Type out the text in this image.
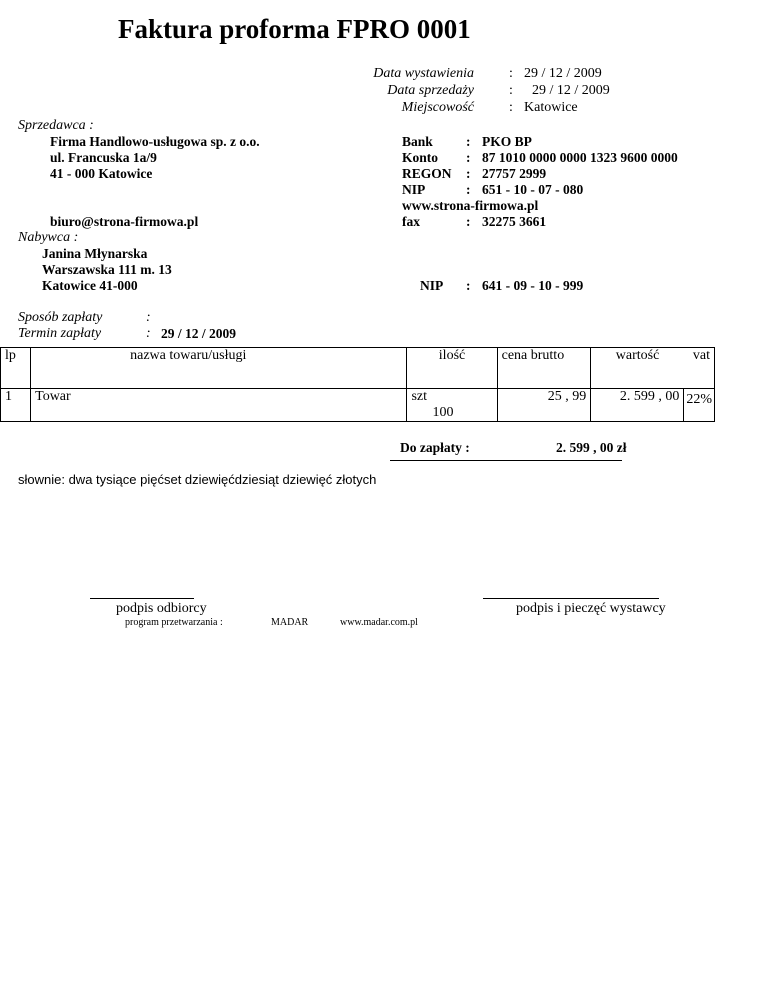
Faktura proforma FPRO 0001
Data wystawienia	: 29 / 12 / 2009
Data sprzedaży	: 29 / 12 / 2009
Miejscowość	: Katowice
Sprzedawca :
Firma Handlowo-usługowa sp. z o.o.
ul. Francuska 1a/9
41 - 000 Katowice
biuro@strona-firmowa.pl
Bank : PKO BP
Konto : 87 1010 0000 0000 1323 9600 0000
REGON : 27757 2999
NIP	: 651 - 10 - 07 - 080
www.strona-firmowa.pl
fax	: 32275 3661
Nabywca :
Janina Młynarska
Warszawska 111 m. 13
Katowice 41-000	NIP : 641 - 09 - 10 - 999
Sposób zapłaty	:
Termin zapłaty	: 29 / 12 / 2009
lp	nazwa towaru/usługi	ilość	cena brutto	wartość	vat
1	Towar	szt100	25 , 99	2. 599 , 00	22%
Do zapłaty :	2. 599 , 00 zł
słownie: dwa tysiące pięćset dziewięćdziesiąt dziewięć złotych
podpis odbiorcy	podpis i pieczęć wystawcy
program przetwarzania :	MADAR	www.madar.com.pl
